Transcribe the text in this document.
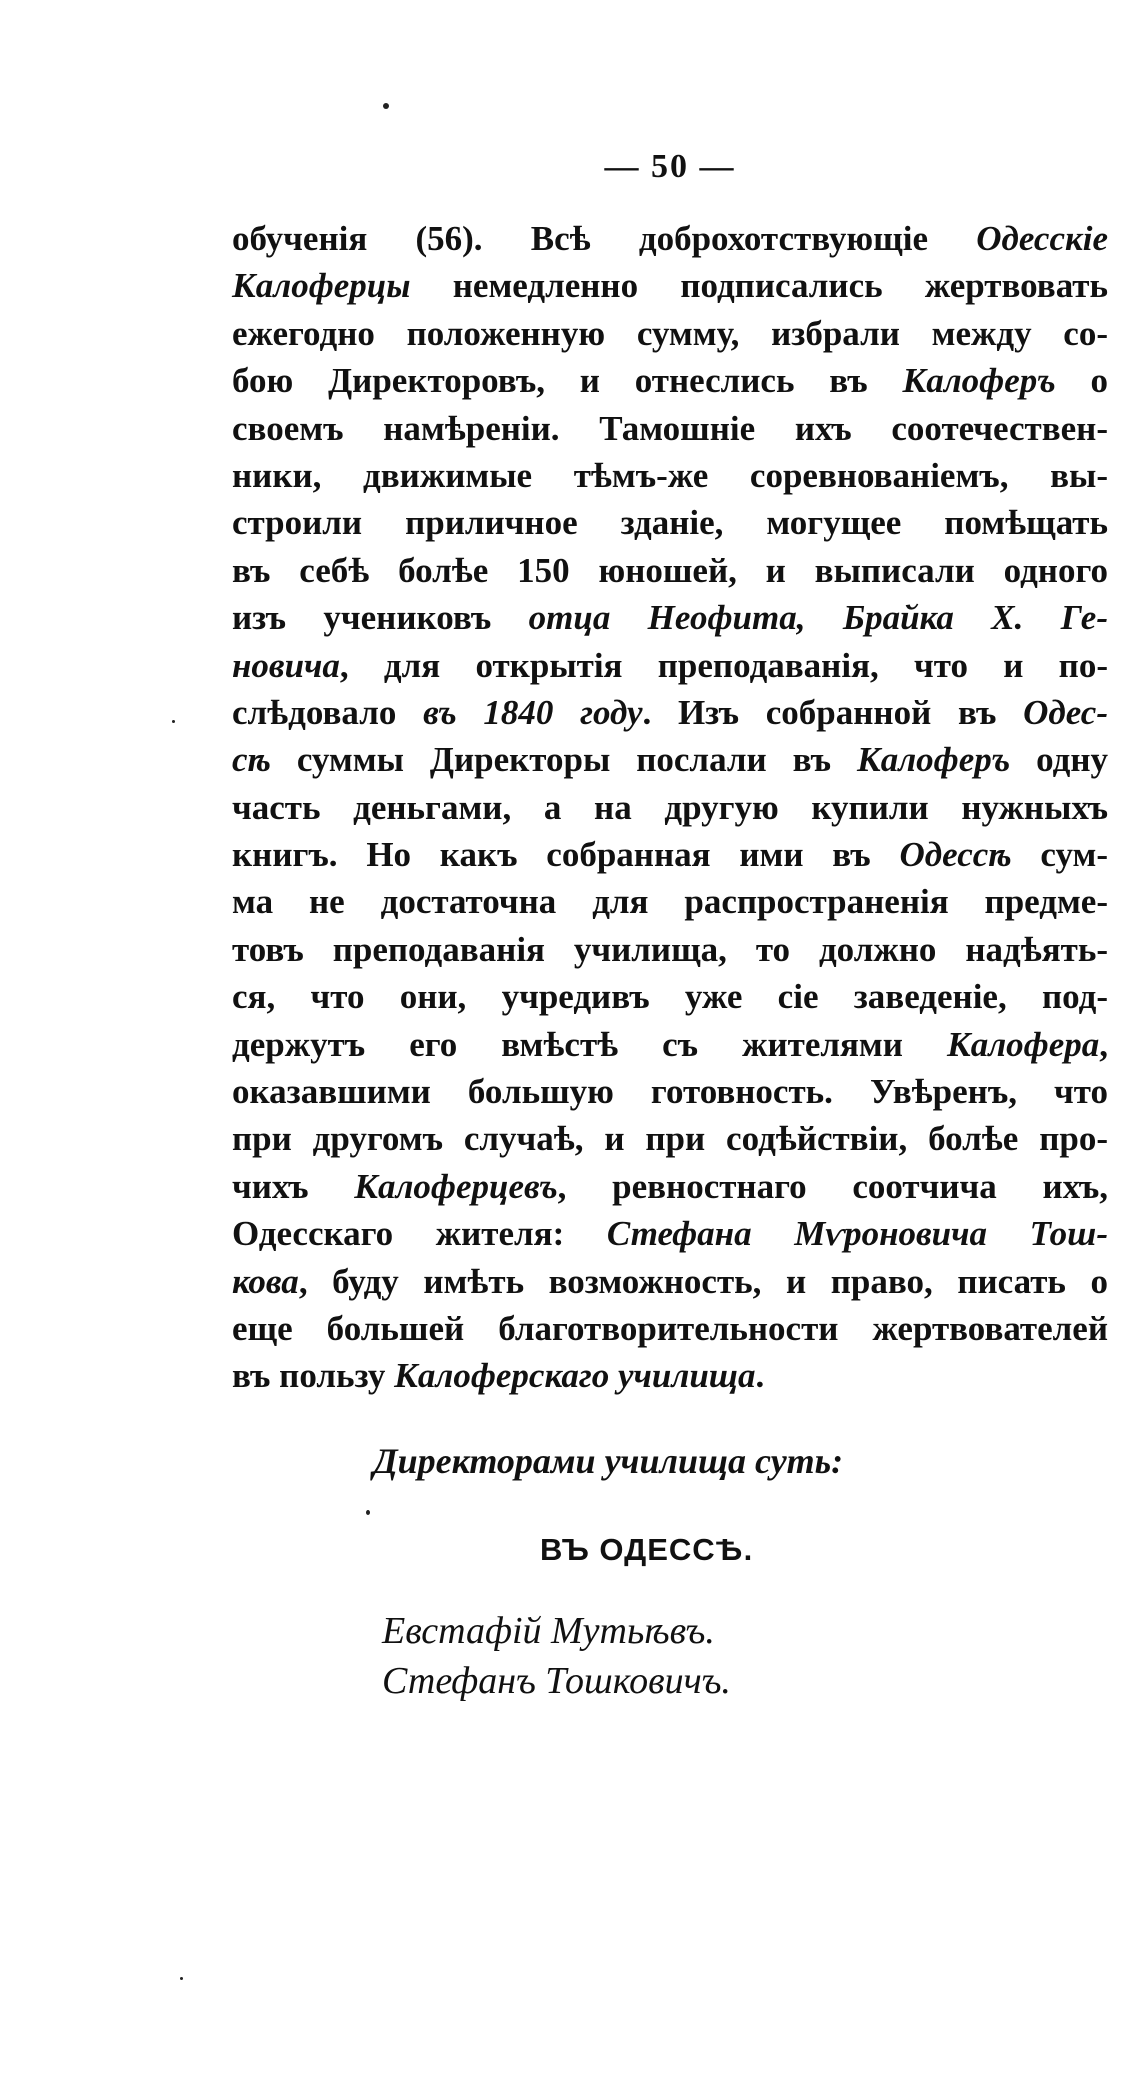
— 50 —
обученія (56). Всѣ доброхотствующіе Одесскіе
Калоферцы немедленно подписались жертвовать
ежегодно положенную сумму, избрали между со-
бою Директоровъ, и отнеслись въ Калоферъ о
своемъ намѣреніи. Тамошніе ихъ соотечествен-
ники, движимые тѣмъ-же соревнованіемъ, вы-
строили приличное зданіе, могущее помѣщать
въ себѣ болѣе 150 юношей, и выписали одного
изъ учениковъ отца Неофита, Брайка Х. Ге-
новича, для открытія преподаванія, что и по-
слѣдовало въ 1840 году. Изъ собранной въ Одес-
сѣ суммы Директоры послали въ Калоферъ одну
часть деньгами, а на другую купили нужныхъ
книгъ. Но какъ собранная ими въ Одессѣ сум-
ма не достаточна для распространенія предме-
товъ преподаванія училища, то должно надѣять-
ся, что они, учредивъ уже сіе заведеніе, под-
держутъ его вмѣстѣ съ жителями Калофера,
оказавшими большую готовность. Увѣренъ, что
при другомъ случаѣ, и при содѣйствіи, болѣе про-
чихъ Калоферцевъ, ревностнаго соотчича ихъ,
Одесскаго жителя: Стефана Мѵроновича Тош-
кова, буду имѣть возможность, и право, писать о
еще большей благотворительности жертвователей
въ пользу Калоферскаго училища.
Директорами училища суть:
ВЪ ОДЕССѢ.
Евстафій Мутьѣвъ.
Стефанъ Тошковичъ.
